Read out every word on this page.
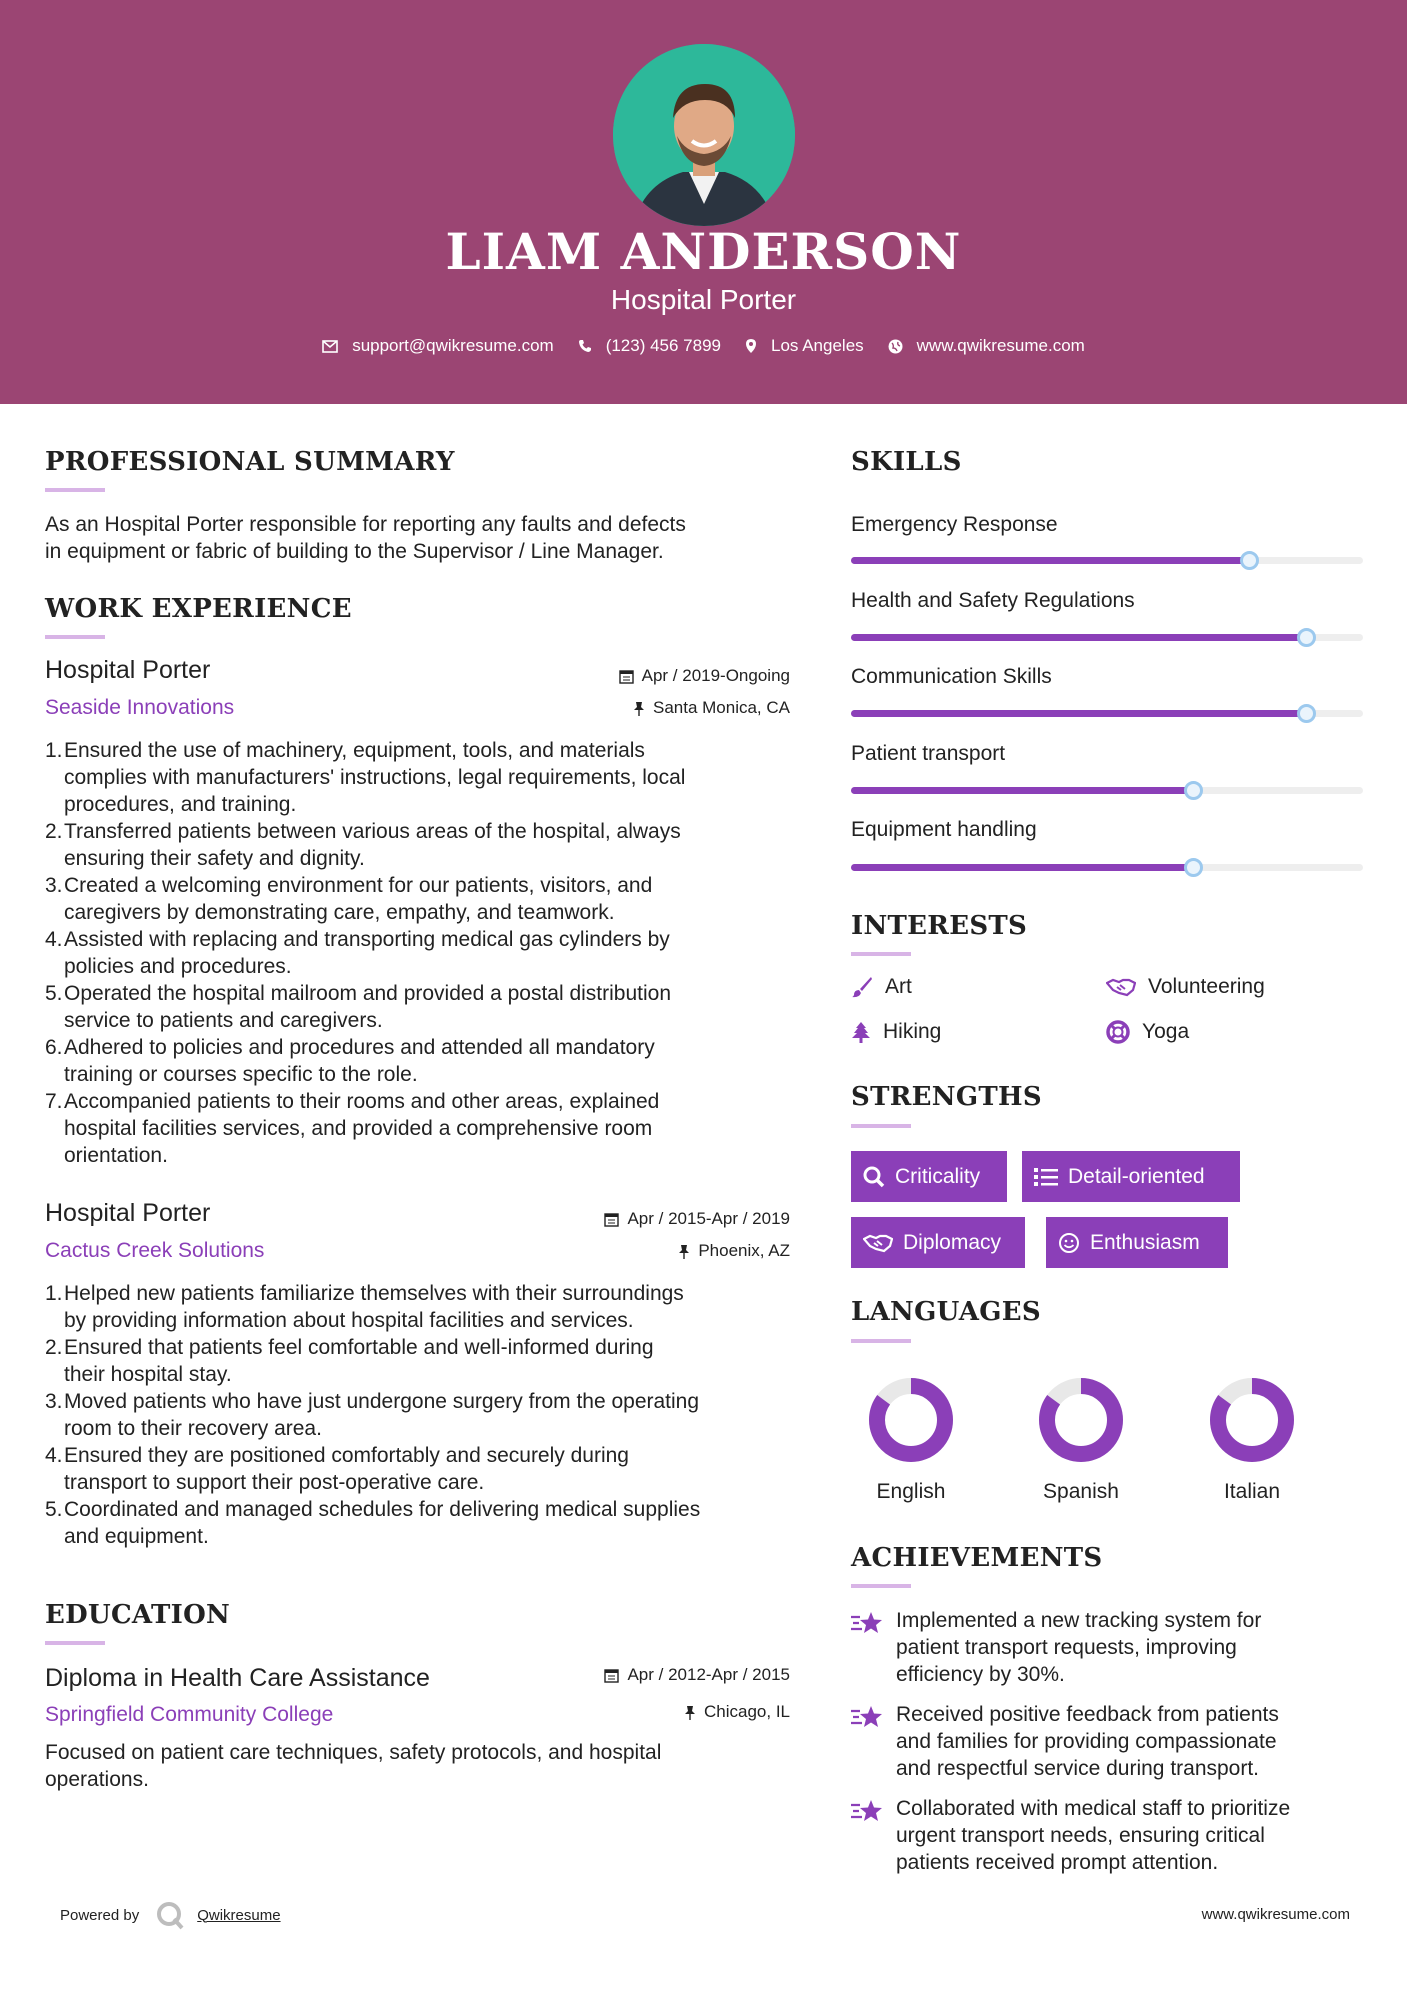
LIAM ANDERSON
Hospital Porter
support@qwikresume.com	(123) 456 7899	Los Angeles	www.qwikresume.com
PROFESSIONAL SUMMARY
As an Hospital Porter responsible for reporting any faults and defects
in equipment or fabric of building to the Supervisor / Line Manager.
WORK EXPERIENCE
Hospital Porter	Apr / 2019-Ongoing
Seaside Innovations	Santa Monica, CA
1. Ensured the use of machinery, equipment, tools, and materials
complies with manufacturers' instructions, legal requirements, local
procedures, and training.
2. Transferred patients between various areas of the hospital, always
ensuring their safety and dignity.
3. Created a welcoming environment for our patients, visitors, and
caregivers by demonstrating care, empathy, and teamwork.
4. Assisted with replacing and transporting medical gas cylinders by
policies and procedures.
5. Operated the hospital mailroom and provided a postal distribution
service to patients and caregivers.
6. Adhered to policies and procedures and attended all mandatory
training or courses specific to the role.
7. Accompanied patients to their rooms and other areas, explained
hospital facilities services, and provided a comprehensive room
orientation.
Hospital Porter	Apr / 2015-Apr / 2019
Cactus Creek Solutions	Phoenix, AZ
1. Helped new patients familiarize themselves with their surroundings
by providing information about hospital facilities and services.
2. Ensured that patients feel comfortable and well-informed during
their hospital stay.
3. Moved patients who have just undergone surgery from the operating
room to their recovery area.
4. Ensured they are positioned comfortably and securely during
transport to support their post-operative care.
5. Coordinated and managed schedules for delivering medical supplies
and equipment.
EDUCATION
Diploma in Health Care Assistance	Apr / 2012-Apr / 2015
Springfield Community College	Chicago, IL
Focused on patient care techniques, safety protocols, and hospital
operations.
SKILLS
Emergency Response
Health and Safety Regulations
Communication Skills
Patient transport
Equipment handling
INTERESTS
Art	Volunteering
Hiking	Yoga
STRENGTHS
Criticality	Detail-oriented
Diplomacy	Enthusiasm
LANGUAGES
English	Spanish	Italian
ACHIEVEMENTS
Implemented a new tracking system for
patient transport requests, improving
efficiency by 30%.
Received positive feedback from patients
and families for providing compassionate
and respectful service during transport.
Collaborated with medical staff to prioritize
urgent transport needs, ensuring critical
patients received prompt attention.
Powered by	Qwikresume	www.qwikresume.com
